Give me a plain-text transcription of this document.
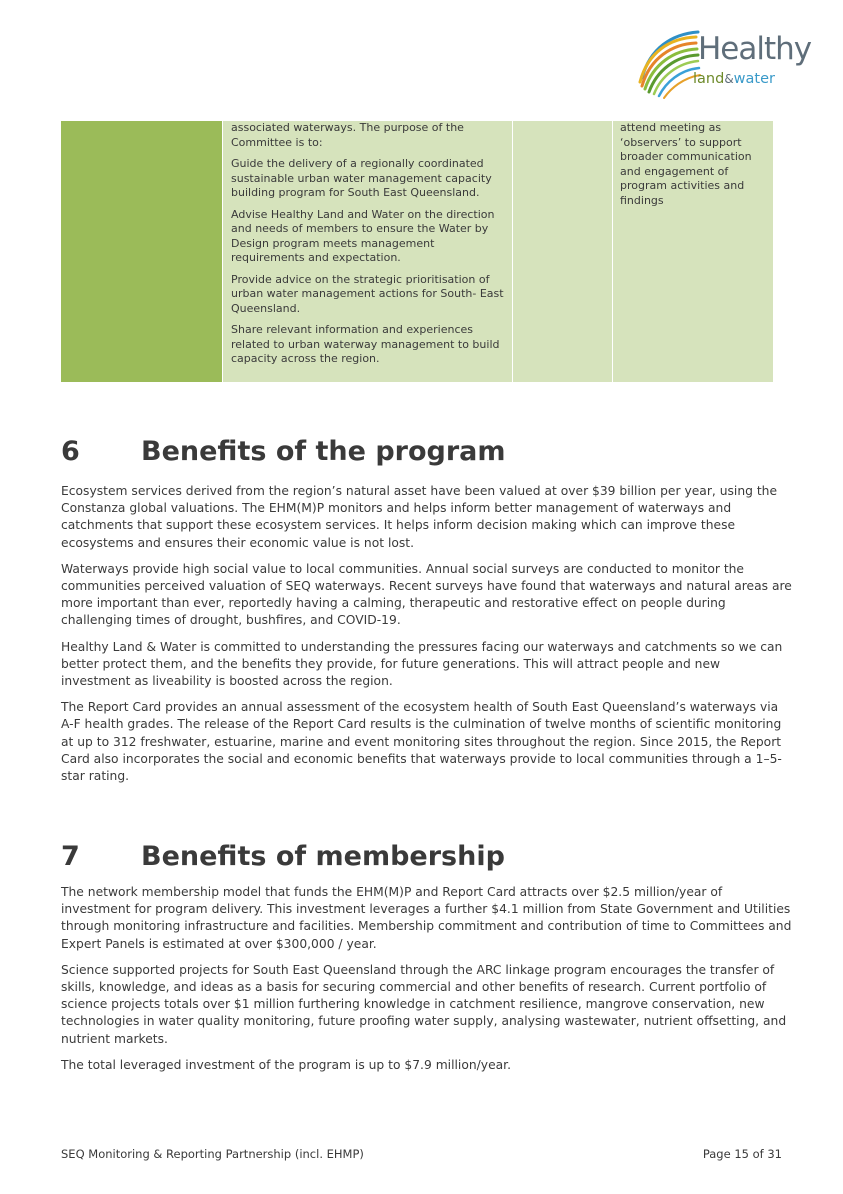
Healthy
land&water

associated waterways. The purpose of the Committee is to:

Guide the delivery of a regionally coordinated sustainable urban water management capacity building program for South East Queensland.

Advise Healthy Land and Water on the direction and needs of members to ensure the Water by Design program meets management requirements and expectation.

Provide advice on the strategic prioritisation of urban water management actions for South- East Queensland.

Share relevant information and experiences related to urban waterway management to build capacity across the region.

attend meeting as ‘observers’ to support broader communication and engagement of program activities and findings
6 Benefits of the program

Ecosystem services derived from the region’s natural asset have been valued at over $39 billion per year, using the Constanza global valuations. The EHM(M)P monitors and helps inform better management of waterways and catchments that support these ecosystem services. It helps inform decision making which can improve these ecosystems and ensures their economic value is not lost.

Waterways provide high social value to local communities. Annual social surveys are conducted to monitor the communities perceived valuation of SEQ waterways. Recent surveys have found that waterways and natural areas are more important than ever, reportedly having a calming, therapeutic and restorative effect on people during challenging times of drought, bushfires, and COVID-19.

Healthy Land & Water is committed to understanding the pressures facing our waterways and catchments so we can better protect them, and the benefits they provide, for future generations. This will attract people and new investment as liveability is boosted across the region.

The Report Card provides an annual assessment of the ecosystem health of South East Queensland’s waterways via A-F health grades. The release of the Report Card results is the culmination of twelve months of scientific monitoring at up to 312 freshwater, estuarine, marine and event monitoring sites throughout the region. Since 2015, the Report Card also incorporates the social and economic benefits that waterways provide to local communities through a 1–5-star rating.

7 Benefits of membership

The network membership model that funds the EHM(M)P and Report Card attracts over $2.5 million/year of investment for program delivery. This investment leverages a further $4.1 million from State Government and Utilities through monitoring infrastructure and facilities. Membership commitment and contribution of time to Committees and Expert Panels is estimated at over $300,000 / year.

Science supported projects for South East Queensland through the ARC linkage program encourages the transfer of skills, knowledge, and ideas as a basis for securing commercial and other benefits of research. Current portfolio of science projects totals over $1 million furthering knowledge in catchment resilience, mangrove conservation, new technologies in water quality monitoring, future proofing water supply, analysing wastewater, nutrient offsetting, and nutrient markets.

The total leveraged investment of the program is up to $7.9 million/year.

SEQ Monitoring & Reporting Partnership (incl. EHMP)	Page 15 of 31
